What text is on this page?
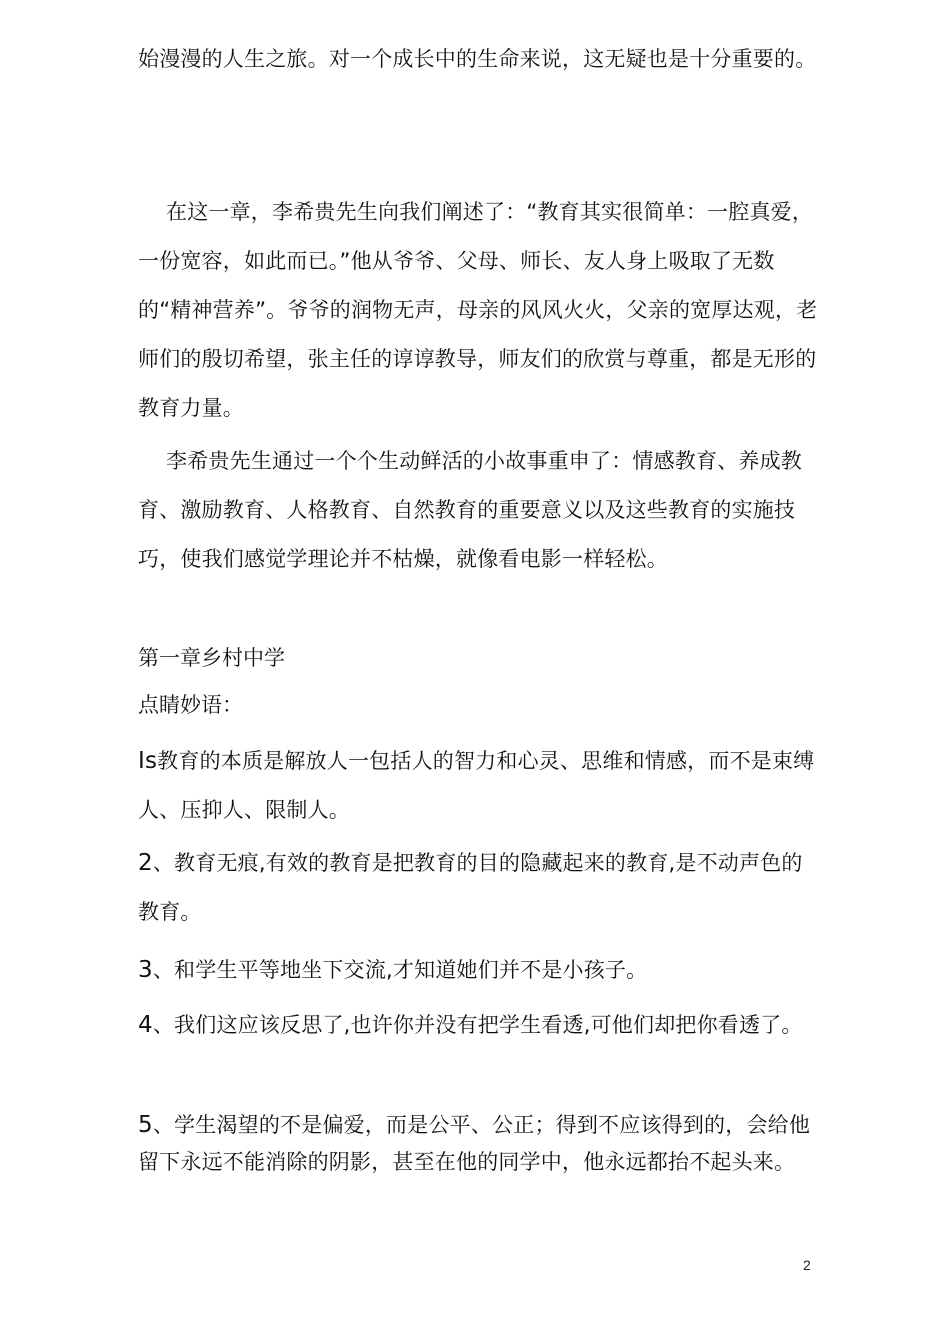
始漫漫的人生之旅。对一个成长中的生命来说，这无疑也是十分重要的。

在这一章，李希贵先生向我们阐述了：“教育其实很简单：一腔真爱，一份宽容，如此而已。”他从爷爷、父母、师长、友人身上吸取了无数的“精神营养”。爷爷的润物无声，母亲的风风火火，父亲的宽厚达观，老师们的殷切希望，张主任的谆谆教导，师友们的欣赏与尊重，都是无形的教育力量。

李希贵先生通过一个个生动鲜活的小故事重申了：情感教育、养成教育、激励教育、人格教育、自然教育的重要意义以及这些教育的实施技巧，使我们感觉学理论并不枯燥，就像看电影一样轻松。

第一章乡村中学

点睛妙语：

Is教育的本质是解放人一包括人的智力和心灵、思维和情感，而不是束缚人、压抑人、限制人。

2、教育无痕,有效的教育是把教育的目的隐藏起来的教育,是不动声色的教育。

3、和学生平等地坐下交流,才知道她们并不是小孩子。

4、我们这应该反思了,也许你并没有把学生看透,可他们却把你看透了。

5、学生渴望的不是偏爱，而是公平、公正；得到不应该得到的，会给他留下永远不能消除的阴影，甚至在他的同学中，他永远都抬不起头来。

2
